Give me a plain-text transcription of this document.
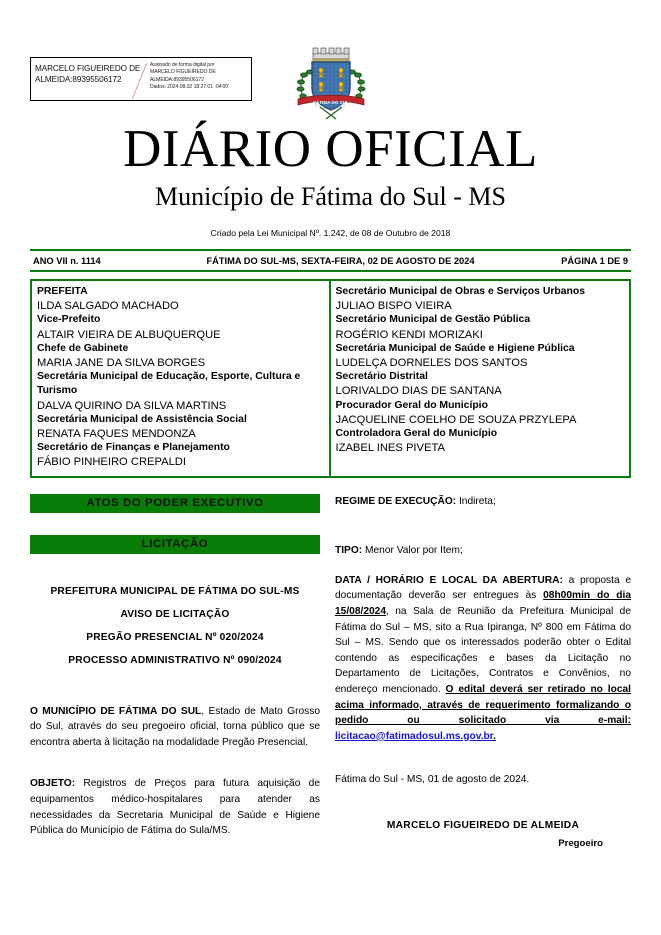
MARCELO FIGUEIREDO DE
ALMEIDA:89395506172
Assinado de forma digital por
MARCELO FIGUEIREDO DE
ALMEIDA:89395506172
Dados: 2024.08.02 18:27:01 -04'00'
FÁTIMA DO SUL
DIÁRIO OFICIAL
Município de Fátima do Sul - MS
Criado pela Lei Municipal Nº. 1.242, de 08 de Outubro de 2018
ANO VII n. 1114	FÁTIMA DO SUL-MS, SEXTA-FEIRA, 02 DE AGOSTO DE 2024	PÁGINA 1 DE 9
PREFEITA
ILDA SALGADO MACHADO
Vice-Prefeito
ALTAIR VIEIRA DE ALBUQUERQUE
Chefe de Gabinete
MARIA JANE DA SILVA BORGES
Secretária Municipal de Educação, Esporte, Cultura e Turismo
DALVA QUIRINO DA SILVA MARTINS
Secretária Municipal de Assistência Social
RENATA FAQUES MENDONZA
Secretário de Finanças e Planejamento
FÁBIO PINHEIRO CREPALDI
Secretário Municipal de Obras e Serviços Urbanos
JULIAO BISPO VIEIRA
Secretário Municipal de Gestão Pública
ROGÉRIO KENDI MORIZAKI
Secretária Municipal de Saúde e Higiene Pública
LUDELÇA DORNELES DOS SANTOS
Secretário Distrital
LORIVALDO DIAS DE SANTANA
Procurador Geral do Município
JACQUELINE COELHO DE SOUZA PRZYLEPA
Controladora Geral do Município
IZABEL INES PIVETA
ATOS DO PODER EXECUTIVO
LICITAÇÃO
PREFEITURA MUNICIPAL DE FÁTIMA DO SUL-MS
AVISO DE LICITAÇÃO
PREGÃO PRESENCIAL Nº 020/2024
PROCESSO ADMINISTRATIVO Nº 090/2024

O MUNICÍPIO DE FÁTIMA DO SUL, Estado de Mato Grosso do Sul, através do seu pregoeiro oficial, torna público que se encontra aberta à licitação na modalidade Pregão Presencial.

OBJETO: Registros de Preços para futura aquisição de equipamentos médico-hospitalares para atender as necessidades da Secretaria Municipal de Saúde e Higiene Pública do Município de Fátima do Sula/MS.

REGIME DE EXECUÇÃO: Indireta;

TIPO: Menor Valor por Item;

DATA / HORÁRIO E LOCAL DA ABERTURA: a proposta e documentação deverão ser entregues às 08h00min do dia 15/08/2024, na Sala de Reunião da Prefeitura Municipal de Fátima do Sul – MS, sito a Rua Ipiranga, Nº 800 em Fátima do Sul – MS. Sendo que os interessados poderão obter o Edital contendo as especificações e bases da Licitação no Departamento de Licitações, Contratos e Convênios, no endereço mencionado. O edital deverá ser retirado no local acima informado, através de requerimento formalizando o pedido ou solicitado via e-mail: licitacao@fatimadosul.ms.gov.br.

Fátima do Sul - MS, 01 de agosto de 2024.

MARCELO FIGUEIREDO DE ALMEIDA

Pregoeiro
